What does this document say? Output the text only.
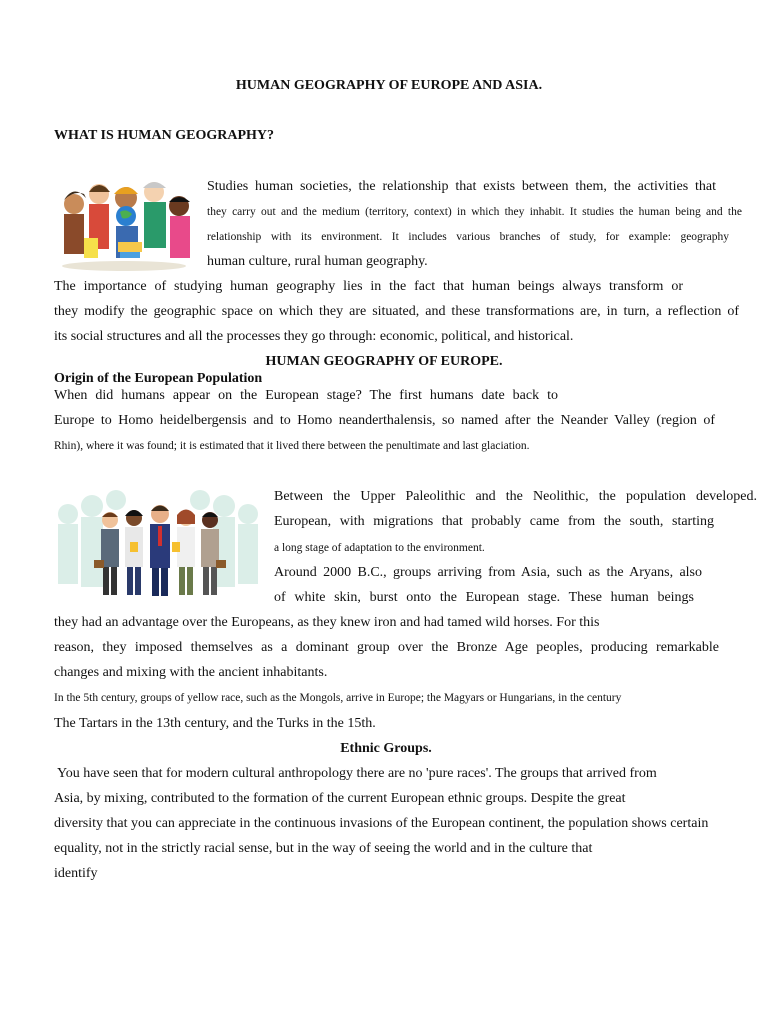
HUMAN GEOGRAPHY OF EUROPE AND ASIA.
WHAT IS HUMAN GEOGRAPHY?
Studies human societies, the relationship that exists between them, the activities that
they carry out and the medium (territory, context) in which they inhabit. It studies the human being and the
relationship with its environment. It includes various branches of study, for example: geography
human culture, rural human geography.
The importance of studying human geography lies in the fact that human beings always transform or
they modify the geographic space on which they are situated, and these transformations are, in turn, a reflection of
its social structures and all the processes they go through: economic, political, and historical.
HUMAN GEOGRAPHY OF EUROPE.
Origin of the European Population
When did humans appear on the European stage? The first humans date back to
Europe to Homo heidelbergensis and to Homo neanderthalensis, so named after the Neander Valley (region of
Rhin), where it was found; it is estimated that it lived there between the penultimate and last glaciation.
Between the Upper Paleolithic and the Neolithic, the population developed.
European, with migrations that probably came from the south, starting
a long stage of adaptation to the environment.
Around 2000 B.C., groups arriving from Asia, such as the Aryans, also
of white skin, burst onto the European stage. These human beings
they had an advantage over the Europeans, as they knew iron and had tamed wild horses. For this
reason, they imposed themselves as a dominant group over the Bronze Age peoples, producing remarkable
changes and mixing with the ancient inhabitants.
In the 5th century, groups of yellow race, such as the Mongols, arrive in Europe; the Magyars or Hungarians, in the century
The Tartars in the 13th century, and the Turks in the 15th.
Ethnic Groups.
You have seen that for modern cultural anthropology there are no 'pure races'. The groups that arrived from
Asia, by mixing, contributed to the formation of the current European ethnic groups. Despite the great
diversity that you can appreciate in the continuous invasions of the European continent, the population shows certain
equality, not in the strictly racial sense, but in the way of seeing the world and in the culture that
identify
